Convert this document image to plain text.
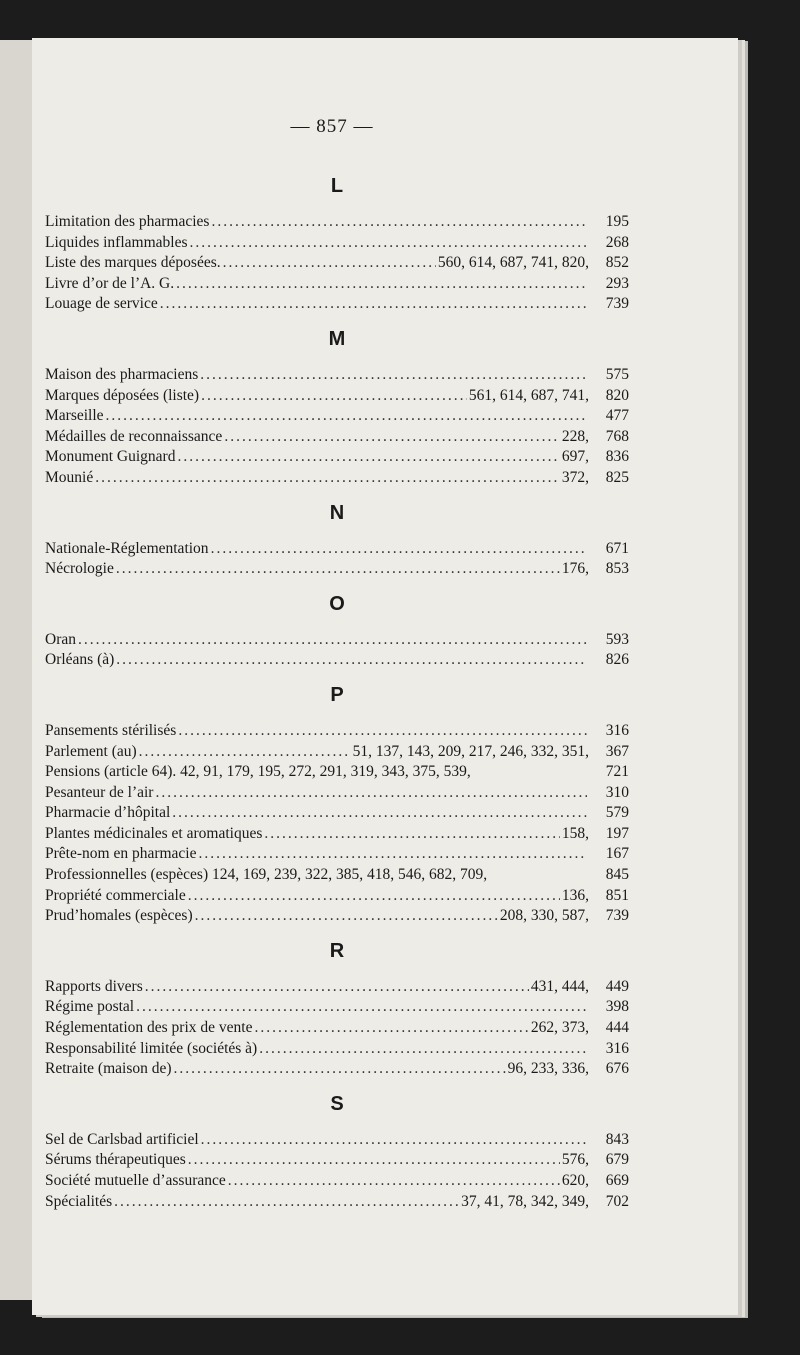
— 857 —
L
Limitation des pharmacies .....	195
Liquides inflammables .....	268
Liste des marques déposées. .....	560, 614, 687, 741, 820,	852
Livre d’or de l’A. G. .....	293
Louage de service .....	739
M
Maison des pharmaciens .....	575
Marques déposées (liste) .....	561, 614, 687, 741,	820
Marseille .....	477
Médailles de reconnaissance .....	228,	768
Monument Guignard .....	697,	836
Mounié .....	372,	825
N
Nationale-Réglementation .....	671
Nécrologie .....	176,	853
O
Oran .....	593
Orléans (à) .....	826
P
Pansements stérilisés .....	316
Parlement (au) .....	51, 137, 143, 209, 217, 246, 332, 351,	367
Pensions (article 64). 42, 91, 179, 195, 272, 291, 319, 343, 375, 539,	721
Pesanteur de l’air .....	310
Pharmacie d’hôpital .....	579
Plantes médicinales et aromatiques .....	158,	197
Prête-nom en pharmacie .....	167
Professionnelles (espèces) 124, 169, 239, 322, 385, 418, 546, 682, 709,	845
Propriété commerciale .....	136,	851
Prud’homales (espèces) .....	208, 330, 587,	739
R
Rapports divers .....	431, 444,	449
Régime postal .....	398
Réglementation des prix de vente .....	262, 373,	444
Responsabilité limitée (sociétés à) .....	316
Retraite (maison de) .....	96, 233, 336,	676
S
Sel de Carlsbad artificiel .....	843
Sérums thérapeutiques .....	576,	679
Société mutuelle d’assurance .....	620,	669
Spécialités .....	37, 41, 78, 342, 349,	702
